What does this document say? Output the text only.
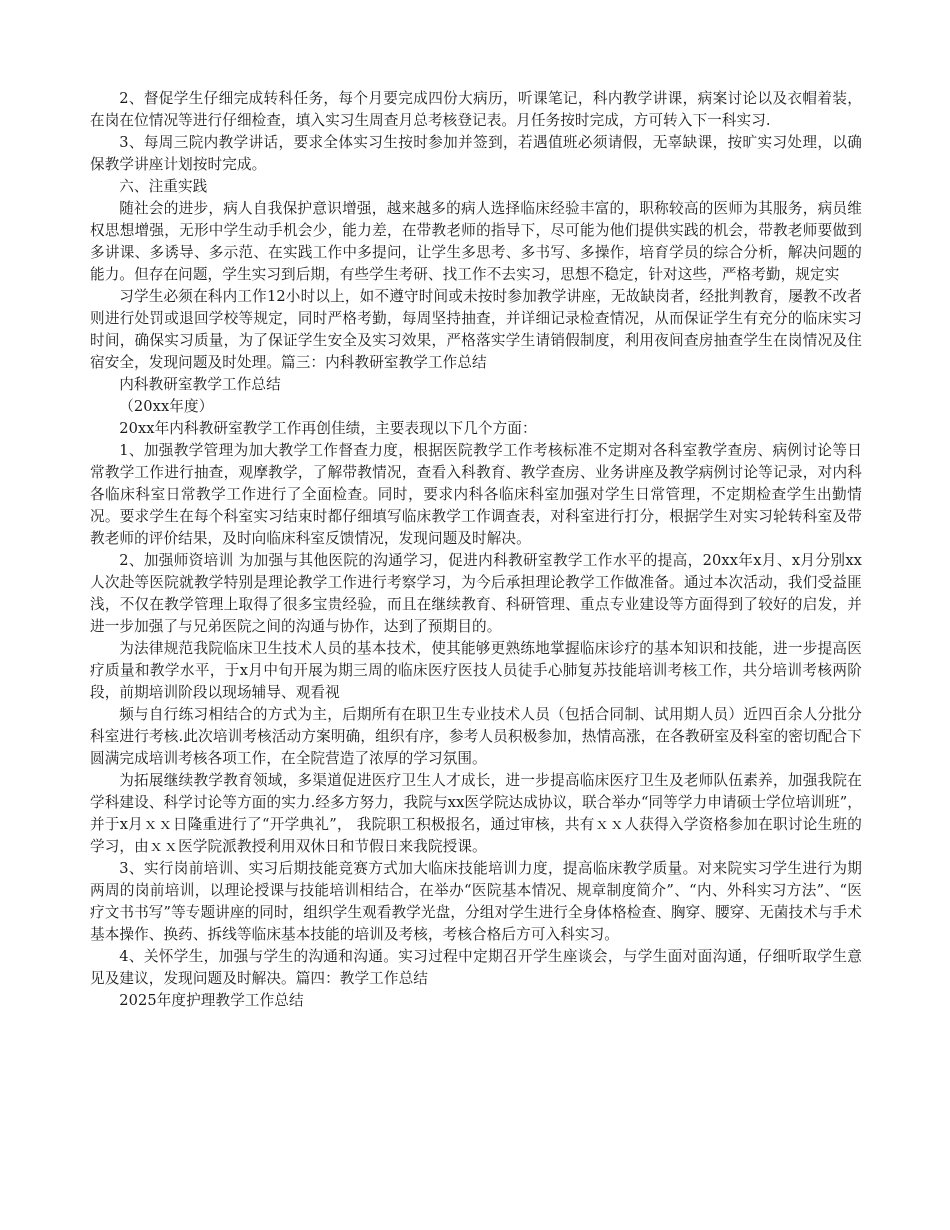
2、督促学生仔细完成转科任务，每个月要完成四份大病历，听课笔记，科内教学讲课，病案讨论以及衣帽着装，在岗在位情况等进行仔细检查，填入实习生周查月总考核登记表。月任务按时完成，方可转入下一科实习.

3、每周三院内教学讲话，要求全体实习生按时参加并签到，若遇值班必须请假，无辜缺课，按旷实习处理，以确保教学讲座计划按时完成。

六、注重实践

随社会的进步，病人自我保护意识增强，越来越多的病人选择临床经验丰富的，职称较高的医师为其服务，病员维权思想增强，无形中学生动手机会少，能力差，在带教老师的指导下，尽可能为他们提供实践的机会，带教老师要做到多讲课、多诱导、多示范、在实践工作中多提问，让学生多思考、多书写、多操作，培育学员的综合分析，解决问题的能力。但存在问题，学生实习到后期，有些学生考研、找工作不去实习，思想不稳定，针对这些，严格考勤，规定实

习学生必须在科内工作12小时以上，如不遵守时间或未按时参加教学讲座，无故缺岗者，经批判教育，屡教不改者则进行处罚或退回学校等规定，同时严格考勤，每周坚持抽查，并详细记录检查情况，从而保证学生有充分的临床实习时间，确保实习质量，为了保证学生安全及实习效果，严格落实学生请销假制度，利用夜间查房抽查学生在岗情况及住宿安全，发现问题及时处理。篇三：内科教研室教学工作总结

内科教研室教学工作总结

（20xx年度）

20xx年内科教研室教学工作再创佳绩，主要表现以下几个方面：

1、加强教学管理为加大教学工作督查力度，根据医院教学工作考核标准不定期对各科室教学查房、病例讨论等日常教学工作进行抽查，观摩教学，了解带教情况，查看入科教育、教学查房、业务讲座及教学病例讨论等记录，对内科各临床科室日常教学工作进行了全面检查。同时，要求内科各临床科室加强对学生日常管理，不定期检查学生出勤情况。要求学生在每个科室实习结束时都仔细填写临床教学工作调查表，对科室进行打分，根据学生对实习轮转科室及带教老师的评价结果，及时向临床科室反馈情况，发现问题及时解决。

2、加强师资培训 为加强与其他医院的沟通学习，促进内科教研室教学工作水平的提高，20xx年x月、x月分别xx人次赴等医院就教学特别是理论教学工作进行考察学习，为今后承担理论教学工作做准备。通过本次活动，我们受益匪浅，不仅在教学管理上取得了很多宝贵经验，而且在继续教育、科研管理、重点专业建设等方面得到了较好的启发，并进一步加强了与兄弟医院之间的沟通与协作，达到了预期目的。

为法律规范我院临床卫生技术人员的基本技术，使其能够更熟练地掌握临床诊疗的基本知识和技能，进一步提高医疗质量和教学水平，于x月中旬开展为期三周的临床医疗医技人员徒手心肺复苏技能培训考核工作，共分培训考核两阶段，前期培训阶段以现场辅导、观看视

频与自行练习相结合的方式为主，后期所有在职卫生专业技术人员（包括合同制、试用期人员）近四百余人分批分科室进行考核.此次培训考核活动方案明确，组织有序，参考人员积极参加，热情高涨，在各教研室及科室的密切配合下圆满完成培训考核各项工作，在全院营造了浓厚的学习氛围。

为拓展继续教学教育领域，多渠道促进医疗卫生人才成长，进一步提高临床医疗卫生及老师队伍素养，加强我院在学科建设、科学讨论等方面的实力.经多方努力，我院与xx医学院达成协议，联合举办“同等学力申请硕士学位培训班”，并于x月ｘｘ日隆重进行了“开学典礼”， 我院职工积极报名，通过审核，共有ｘｘ人获得入学资格参加在职讨论生班的学习，由ｘｘ医学院派教授利用双休日和节假日来我院授课。

3、实行岗前培训、实习后期技能竞赛方式加大临床技能培训力度，提高临床教学质量。对来院实习学生进行为期两周的岗前培训，以理论授课与技能培训相结合，在举办“医院基本情况、规章制度简介”、“内、外科实习方法”、“医疗文书书写”等专题讲座的同时，组织学生观看教学光盘，分组对学生进行全身体格检查、胸穿、腰穿、无菌技术与手术基本操作、换药、拆线等临床基本技能的培训及考核，考核合格后方可入科实习。

4、关怀学生，加强与学生的沟通和沟通。实习过程中定期召开学生座谈会，与学生面对面沟通，仔细听取学生意见及建议，发现问题及时解决。篇四：教学工作总结

2025年度护理教学工作总结
